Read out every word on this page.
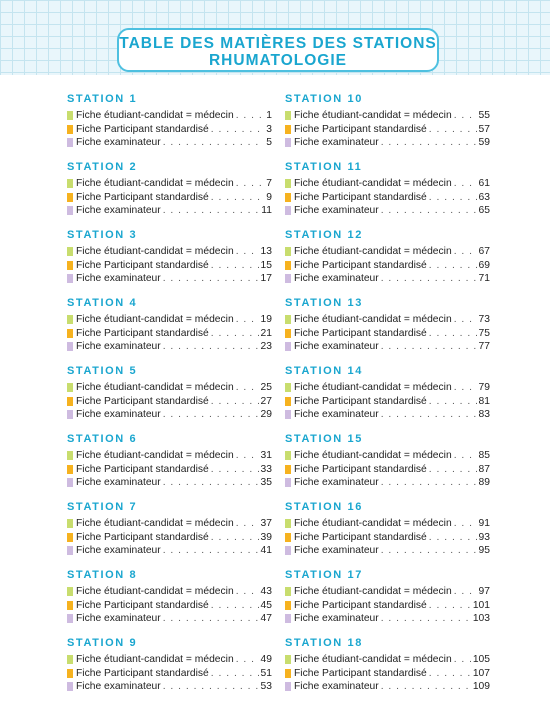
TABLE DES MATIÈRES DES STATIONS
RHUMATOLOGIE
STATION 1
Fiche étudiant-candidat = médecin . . .	1
Fiche Participant standardisé . . .	3
Fiche examinateur . . .	5
STATION 2
Fiche étudiant-candidat = médecin . . .	7
Fiche Participant standardisé . . .	9
Fiche examinateur . . .	11
STATION 3
Fiche étudiant-candidat = médecin . . .	13
Fiche Participant standardisé . . .	15
Fiche examinateur . . .	17
STATION 4
Fiche étudiant-candidat = médecin . . .	19
Fiche Participant standardisé . . .	21
Fiche examinateur . . .	23
STATION 5
Fiche étudiant-candidat = médecin . . .	25
Fiche Participant standardisé . . .	27
Fiche examinateur . . .	29
STATION 6
Fiche étudiant-candidat = médecin . . .	31
Fiche Participant standardisé . . .	33
Fiche examinateur . . .	35
STATION 7
Fiche étudiant-candidat = médecin . . .	37
Fiche Participant standardisé . . .	39
Fiche examinateur . . .	41
STATION 8
Fiche étudiant-candidat = médecin . . .	43
Fiche Participant standardisé . . .	45
Fiche examinateur . . .	47
STATION 9
Fiche étudiant-candidat = médecin . . .	49
Fiche Participant standardisé . . .	51
Fiche examinateur . . .	53
STATION 10
Fiche étudiant-candidat = médecin . . .	55
Fiche Participant standardisé . . .	57
Fiche examinateur . . .	59
STATION 11
Fiche étudiant-candidat = médecin . . .	61
Fiche Participant standardisé . . .	63
Fiche examinateur . . .	65
STATION 12
Fiche étudiant-candidat = médecin . . .	67
Fiche Participant standardisé . . .	69
Fiche examinateur . . .	71
STATION 13
Fiche étudiant-candidat = médecin . . .	73
Fiche Participant standardisé . . .	75
Fiche examinateur . . .	77
STATION 14
Fiche étudiant-candidat = médecin . . .	79
Fiche Participant standardisé . . .	81
Fiche examinateur . . .	83
STATION 15
Fiche étudiant-candidat = médecin . . .	85
Fiche Participant standardisé . . .	87
Fiche examinateur . . .	89
STATION 16
Fiche étudiant-candidat = médecin . . .	91
Fiche Participant standardisé . . .	93
Fiche examinateur . . .	95
STATION 17
Fiche étudiant-candidat = médecin . . .	97
Fiche Participant standardisé . . .	101
Fiche examinateur . . .	103
STATION 18
Fiche étudiant-candidat = médecin . . . 105
Fiche Participant standardisé . . .	107
Fiche examinateur . . .	109
